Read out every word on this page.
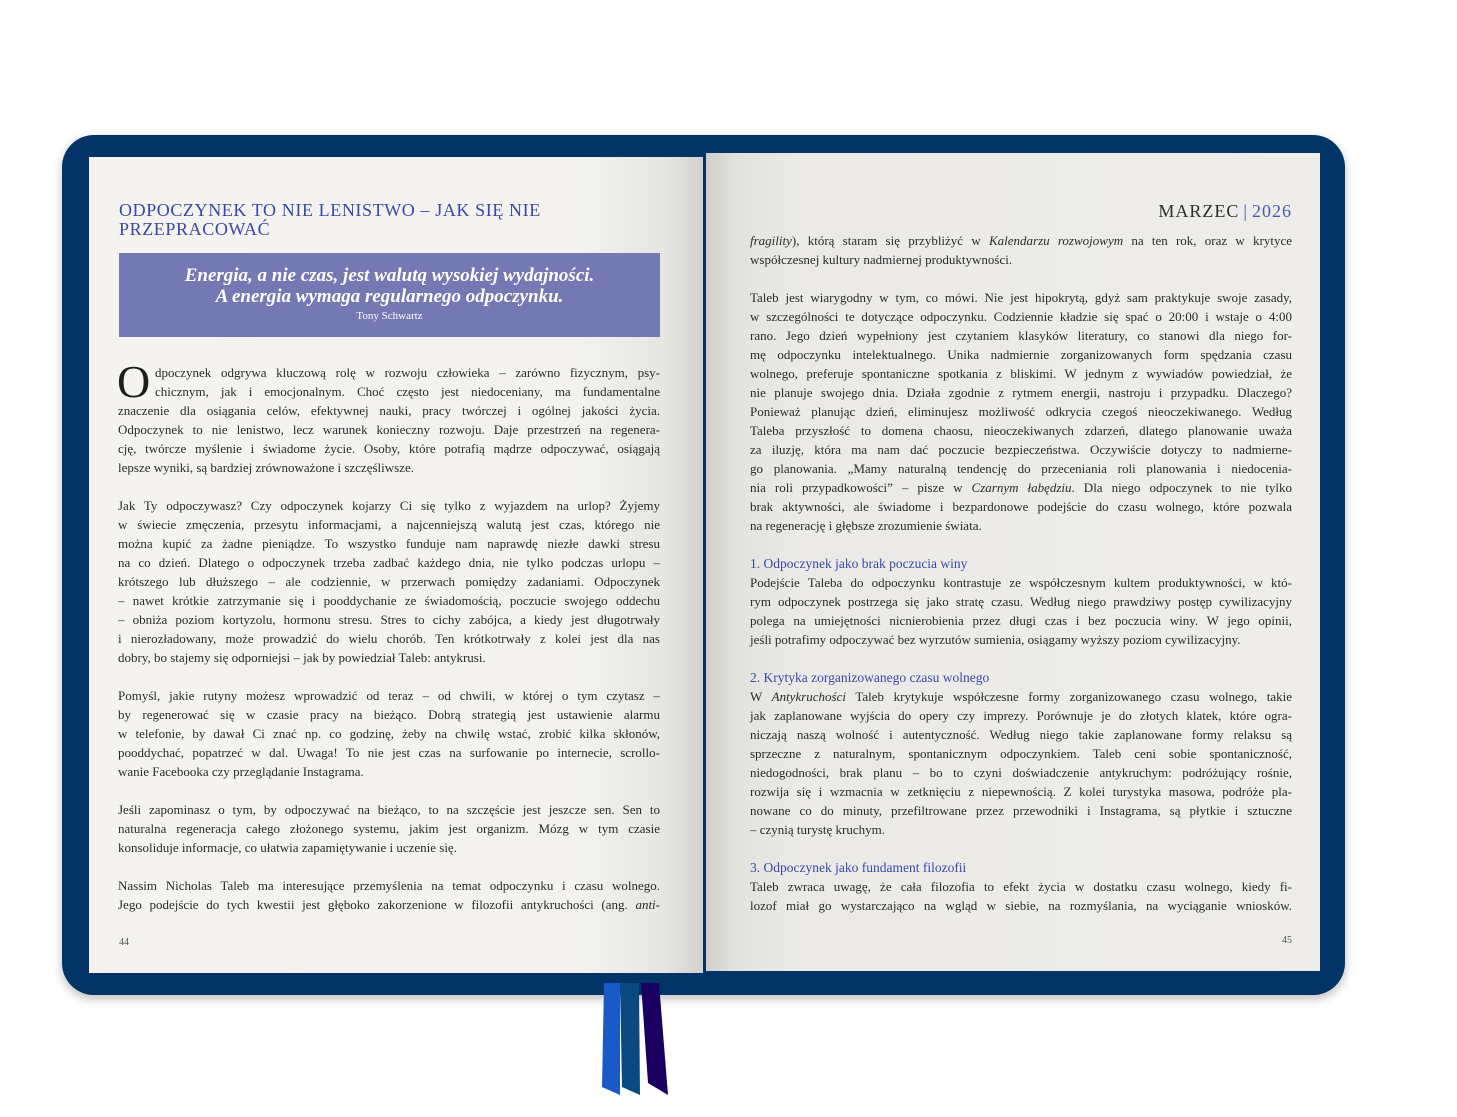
ODPOCZYNEK TO NIE LENISTWO – JAK SIĘ NIE
PRZEPRACOWAĆ
Energia, a nie czas, jest walutą wysokiej wydajności.
A energia wymaga regularnego odpoczynku.
Tony Schwartz
O dpoczynek odgrywa kluczową rolę w rozwoju człowieka – zarówno fizycznym, psy-
chicznym, jak i emocjonalnym. Choć często jest niedoceniany, ma fundamentalne
znaczenie dla osiągania celów, efektywnej nauki, pracy twórczej i ogólnej jakości życia.
Odpoczynek to nie lenistwo, lecz warunek konieczny rozwoju. Daje przestrzeń na regenera-
cję, twórcze myślenie i świadome życie. Osoby, które potrafią mądrze odpoczywać, osiągają
lepsze wyniki, są bardziej zrównoważone i szczęśliwsze.
Jak Ty odpoczywasz? Czy odpoczynek kojarzy Ci się tylko z wyjazdem na urlop? Żyjemy
w świecie zmęczenia, przesytu informacjami, a najcenniejszą walutą jest czas, którego nie
można kupić za żadne pieniądze. To wszystko funduje nam naprawdę niezłe dawki stresu
na co dzień. Dlatego o odpoczynek trzeba zadbać każdego dnia, nie tylko podczas urlopu –
krótszego lub dłuższego – ale codziennie, w przerwach pomiędzy zadaniami. Odpoczynek
– nawet krótkie zatrzymanie się i pooddychanie ze świadomością, poczucie swojego oddechu
– obniża poziom kortyzolu, hormonu stresu. Stres to cichy zabójca, a kiedy jest długotrwały
i nierozładowany, może prowadzić do wielu chorób. Ten krótkotrwały z kolei jest dla nas
dobry, bo stajemy się odporniejsi – jak by powiedział Taleb: antykrusi.
Pomyśl, jakie rutyny możesz wprowadzić od teraz – od chwili, w której o tym czytasz –
by regenerować się w czasie pracy na bieżąco. Dobrą strategią jest ustawienie alarmu
w telefonie, by dawał Ci znać np. co godzinę, żeby na chwilę wstać, zrobić kilka skłonów,
pooddychać, popatrzeć w dal. Uwaga! To nie jest czas na surfowanie po internecie, scrollo-
wanie Facebooka czy przeglądanie Instagrama.
Jeśli zapominasz o tym, by odpoczywać na bieżąco, to na szczęście jest jeszcze sen. Sen to
naturalna regeneracja całego złożonego systemu, jakim jest organizm. Mózg w tym czasie
konsoliduje informacje, co ułatwia zapamiętywanie i uczenie się.
Nassim Nicholas Taleb ma interesujące przemyślenia na temat odpoczynku i czasu wolnego.
Jego podejście do tych kwestii jest głęboko zakorzenione w filozofii antykruchości (ang. anti-
44
MARZEC | 2026
fragility), którą staram się przybliżyć w Kalendarzu rozwojowym na ten rok, oraz w krytyce
współczesnej kultury nadmiernej produktywności.
Taleb jest wiarygodny w tym, co mówi. Nie jest hipokrytą, gdyż sam praktykuje swoje zasady,
w szczególności te dotyczące odpoczynku. Codziennie kładzie się spać o 20:00 i wstaje o 4:00
rano. Jego dzień wypełniony jest czytaniem klasyków literatury, co stanowi dla niego for-
mę odpoczynku intelektualnego. Unika nadmiernie zorganizowanych form spędzania czasu
wolnego, preferuje spontaniczne spotkania z bliskimi. W jednym z wywiadów powiedział, że
nie planuje swojego dnia. Działa zgodnie z rytmem energii, nastroju i przypadku. Dlaczego?
Ponieważ planując dzień, eliminujesz możliwość odkrycia czegoś nieoczekiwanego. Według
Taleba przyszłość to domena chaosu, nieoczekiwanych zdarzeń, dlatego planowanie uważa
za iluzję, która ma nam dać poczucie bezpieczeństwa. Oczywiście dotyczy to nadmierne-
go planowania. „Mamy naturalną tendencję do przeceniania roli planowania i niedocenia-
nia roli przypadkowości” – pisze w Czarnym łabędziu. Dla niego odpoczynek to nie tylko
brak aktywności, ale świadome i bezpardonowe podejście do czasu wolnego, które pozwala
na regenerację i głębsze zrozumienie świata.
1. Odpoczynek jako brak poczucia winy
Podejście Taleba do odpoczynku kontrastuje ze współczesnym kultem produktywności, w któ-
rym odpoczynek postrzega się jako stratę czasu. Według niego prawdziwy postęp cywilizacyjny
polega na umiejętności nicnierobienia przez długi czas i bez poczucia winy. W jego opinii,
jeśli potrafimy odpoczywać bez wyrzutów sumienia, osiągamy wyższy poziom cywilizacyjny.
2. Krytyka zorganizowanego czasu wolnego
W Antykruchości Taleb krytykuje współczesne formy zorganizowanego czasu wolnego, takie
jak zaplanowane wyjścia do opery czy imprezy. Porównuje je do złotych klatek, które ogra-
niczają naszą wolność i autentyczność. Według niego takie zaplanowane formy relaksu są
sprzeczne z naturalnym, spontanicznym odpoczynkiem. Taleb ceni sobie spontaniczność,
niedogodności, brak planu – bo to czyni doświadczenie antykruchym: podróżujący rośnie,
rozwija się i wzmacnia w zetknięciu z niepewnością. Z kolei turystyka masowa, podróże pla-
nowane co do minuty, przefiltrowane przez przewodniki i Instagrama, są płytkie i sztuczne
– czynią turystę kruchym.
3. Odpoczynek jako fundament filozofii
Taleb zwraca uwagę, że cała filozofia to efekt życia w dostatku czasu wolnego, kiedy fi-
lozof miał go wystarczająco na wgląd w siebie, na rozmyślania, na wyciąganie wniosków.
45
